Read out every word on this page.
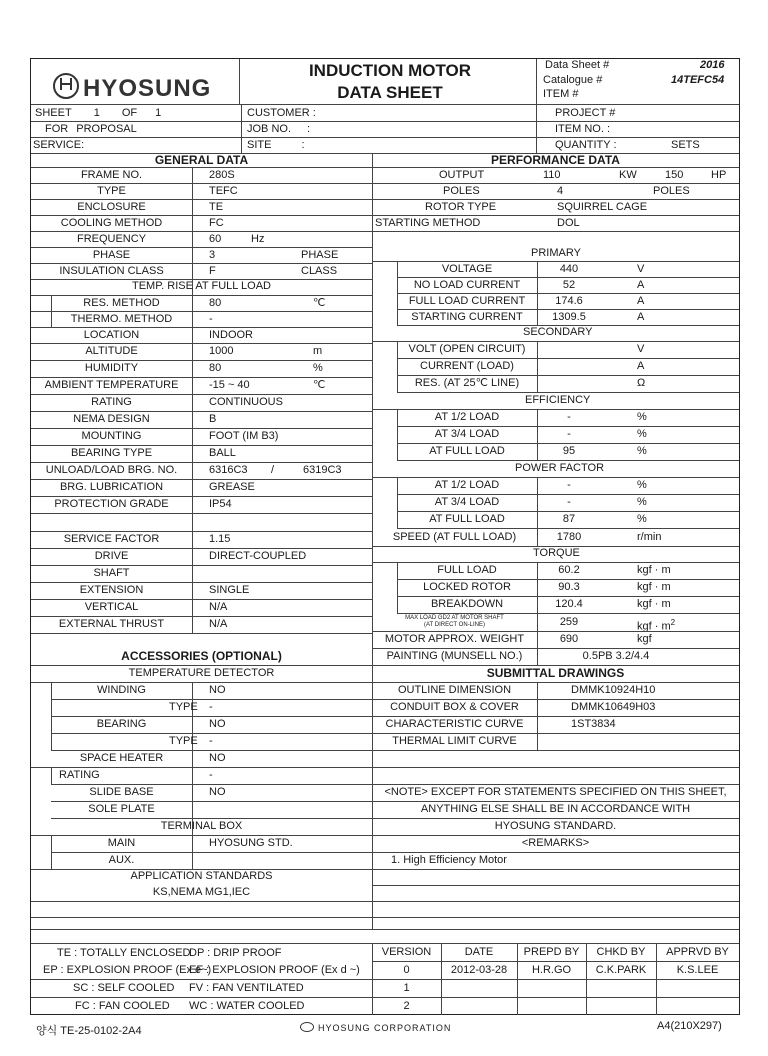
Data Sheet #	2016
HYOSUNG
INDUCTION MOTOR
DATA SHEET
Catalogue #	14TEFC54
ITEM #
SHEET 1 OF 1	CUSTOMER :	PROJECT #
FOR PROPOSAL	JOB NO. :	ITEM NO. :
SERVICE:	SITE	:	QUANTITY :	SETS
GENERAL DATA
FRAME NO.	280S
TYPE	TEFC
ENCLOSURE	TE
COOLING METHOD	FC
FREQUENCY	60	Hz
PHASE	3	PHASE
INSULATION CLASS	F	CLASS
TEMP. RISE AT FULL LOAD
RES. METHOD	80	℃
THERMO. METHOD	-
LOCATION	INDOOR
ALTITUDE	1000	m
HUMIDITY	80	%
AMBIENT TEMPERATURE	-15 ~ 40	℃
RATING	CONTINUOUS
NEMA DESIGN	B
MOUNTING	FOOT (IM B3)
BEARING TYPE	BALL
UNLOAD/LOAD BRG. NO.	6316C3 /	6319C3
BRG. LUBRICATION	GREASE
PROTECTION GRADE	IP54
SERVICE FACTOR	1.15
DRIVE	DIRECT-COUPLED
SHAFT
EXTENSION	SINGLE
VERTICAL	N/A
EXTERNAL THRUST	N/A
PERFORMANCE DATA
OUTPUT	110	KW	150	HP
POLES	4	POLES
ROTOR TYPE	SQUIRREL CAGE
STARTING METHOD	DOL
PRIMARY
VOLTAGE	440	V
NO LOAD CURRENT	52	A
FULL LOAD CURRENT	174.6	A
STARTING CURRENT	1309.5	A
SECONDARY
VOLT (OPEN CIRCUIT)	V
CURRENT (LOAD)	A
RES. (AT 25℃ LINE)	Ω
EFFICIENCY
AT 1/2 LOAD	-	%
AT 3/4 LOAD	-	%
AT FULL LOAD	95	%
POWER FACTOR
AT 1/2 LOAD	-	%
AT 3/4 LOAD	-	%
AT FULL LOAD	87	%
SPEED (AT FULL LOAD)	1780	r/min
TORQUE
FULL LOAD	60.2	kgf · m
LOCKED ROTOR	90.3	kgf · m
BREAKDOWN	120.4	kgf · m
MAX LOAD GD2 AT MOTOR SHAFT
(AT DIRECT ON-LINE)	259	kgf · $m^2$
MOTOR APPROX. WEIGHT	690	kgf
PAINTING (MUNSELL NO.)	0.5PB 3.2/4.4
ACCESSORIES (OPTIONAL)
TEMPERATURE DETECTOR
WINDING	NO
TYPE -
BEARING	NO
TYPE -
SPACE HEATER	NO
RATING	-
SLIDE BASE	NO
SOLE PLATE
TERMINAL BOX
MAIN	HYOSUNG STD.
AUX.
APPLICATION STANDARDS
KS,NEMA MG1,IEC
SUBMITTAL DRAWINGS
OUTLINE DIMENSION	DMMK10924H10
CONDUIT BOX & COVER	DMMK10649H03
CHARACTERISTIC CURVE	1ST3834
THERMAL LIMIT CURVE
<NOTE> EXCEPT FOR STATEMENTS SPECIFIED ON THIS SHEET,
ANYTHING ELSE SHALL BE IN ACCORDANCE WITH
HYOSUNG STANDARD.
<REMARKS>
1. High Efficiency Motor
TE : TOTALLY ENCLOSED
DP : DRIP PROOF
EP : EXPLOSION PROOF (Ex e~)
EF : EXPLOSION PROOF (Ex d ~)
SC : SELF COOLED FV : FAN VENTILATED
FC : FAN COOLED WC : WATER COOLED
VERSION	DATE	PREPD BY	CHKD BY	APPRVD BY
0	2012-03-28	H.R.GO	C.K.PARK	K.S.LEE
1
2
양식 TE-25-0102-2A4	HYOSUNG CORPORATION	A4(210X297)
